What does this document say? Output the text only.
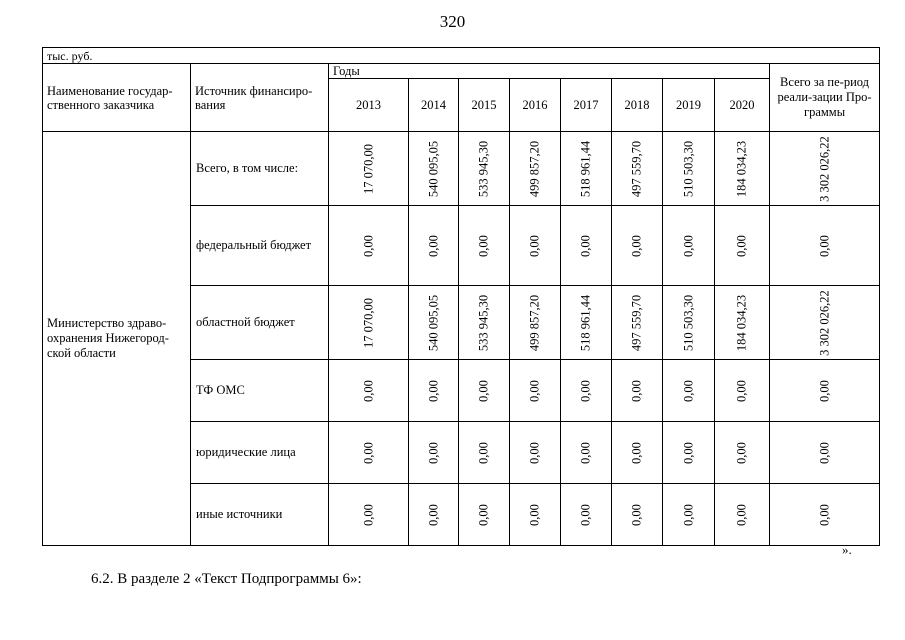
320
тыс. руб.										
Наименование государ-ственного заказчика	Источник финансиро-вания	Годы								Всего за пе-риод реали-зации Про-граммы
		2013	2014	2015	2016	2017	2018	2019	2020	
Министерство здраво-охранения Нижегород-ской области	Всего, в том числе:	17 070,00	540 095,05	533 945,30	499 857,20	518 961,44	497 559,70	510 503,30	184 034,23	3 302 026,22

	федеральный бюджет	0,00	0,00	0,00	0,00	0,00	0,00	0,00	0,00	0,00

	областной бюджет	17 070,00	540 095,05	533 945,30	499 857,20	518 961,44	497 559,70	510 503,30	184 034,23	3 302 026,22

	ТФ ОМС	0,00	0,00	0,00	0,00	0,00	0,00	0,00	0,00	0,00

	юридические лица	0,00	0,00	0,00	0,00	0,00	0,00	0,00	0,00	0,00

	иные источники	0,00	0,00	0,00	0,00	0,00	0,00	0,00	0,00	0,00
».
6.2. В разделе 2 «Текст Подпрограммы 6»:
